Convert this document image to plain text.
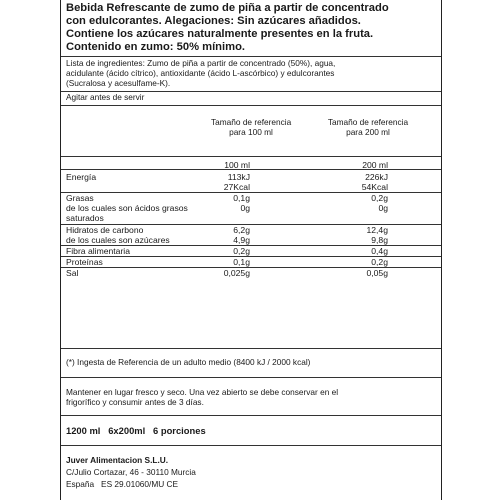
Bebida Refrescante de zumo de piña a partir de concentrado
con edulcorantes. Alegaciones: Sin azúcares añadidos.
Contiene los azúcares naturalmente presentes en la fruta.
Contenido en zumo: 50% mínimo.
Lista de ingredientes: Zumo de piña a partir de concentrado (50%), agua,
acidulante (ácido cítrico), antioxidante (ácido L-ascórbico) y edulcorantes
(Sucralosa y acesulfame-K).
Agitar antes de servir
Tamaño de referencia
para 100 ml
Tamaño de referencia
para 200 ml
100 ml	200 ml
Energía	113kJ	226kJ
27Kcal	54Kcal
Grasas	0,1g	0,2g
de los cuales son ácidos grasos	0g	0g
saturados
Hidratos de carbono	6,2g	12,4g
de los cuales son azúcares	4,9g	9,8g
Fibra alimentaria	0,2g	0,4g
Proteínas	0,1g	0,2g
Sal	0,025g	0,05g
(*) Ingesta de Referencia de un adulto medio (8400 kJ / 2000 kcal)
Mantener en lugar fresco y seco. Una vez abierto se debe conservar en el
frigorífico y consumir antes de 3 días.
1200 ml   6x200ml   6 porciones
Juver Alimentacion S.L.U.
C/Julio Cortazar, 46 - 30110 Murcia
España   ES 29.01060/MU CE
